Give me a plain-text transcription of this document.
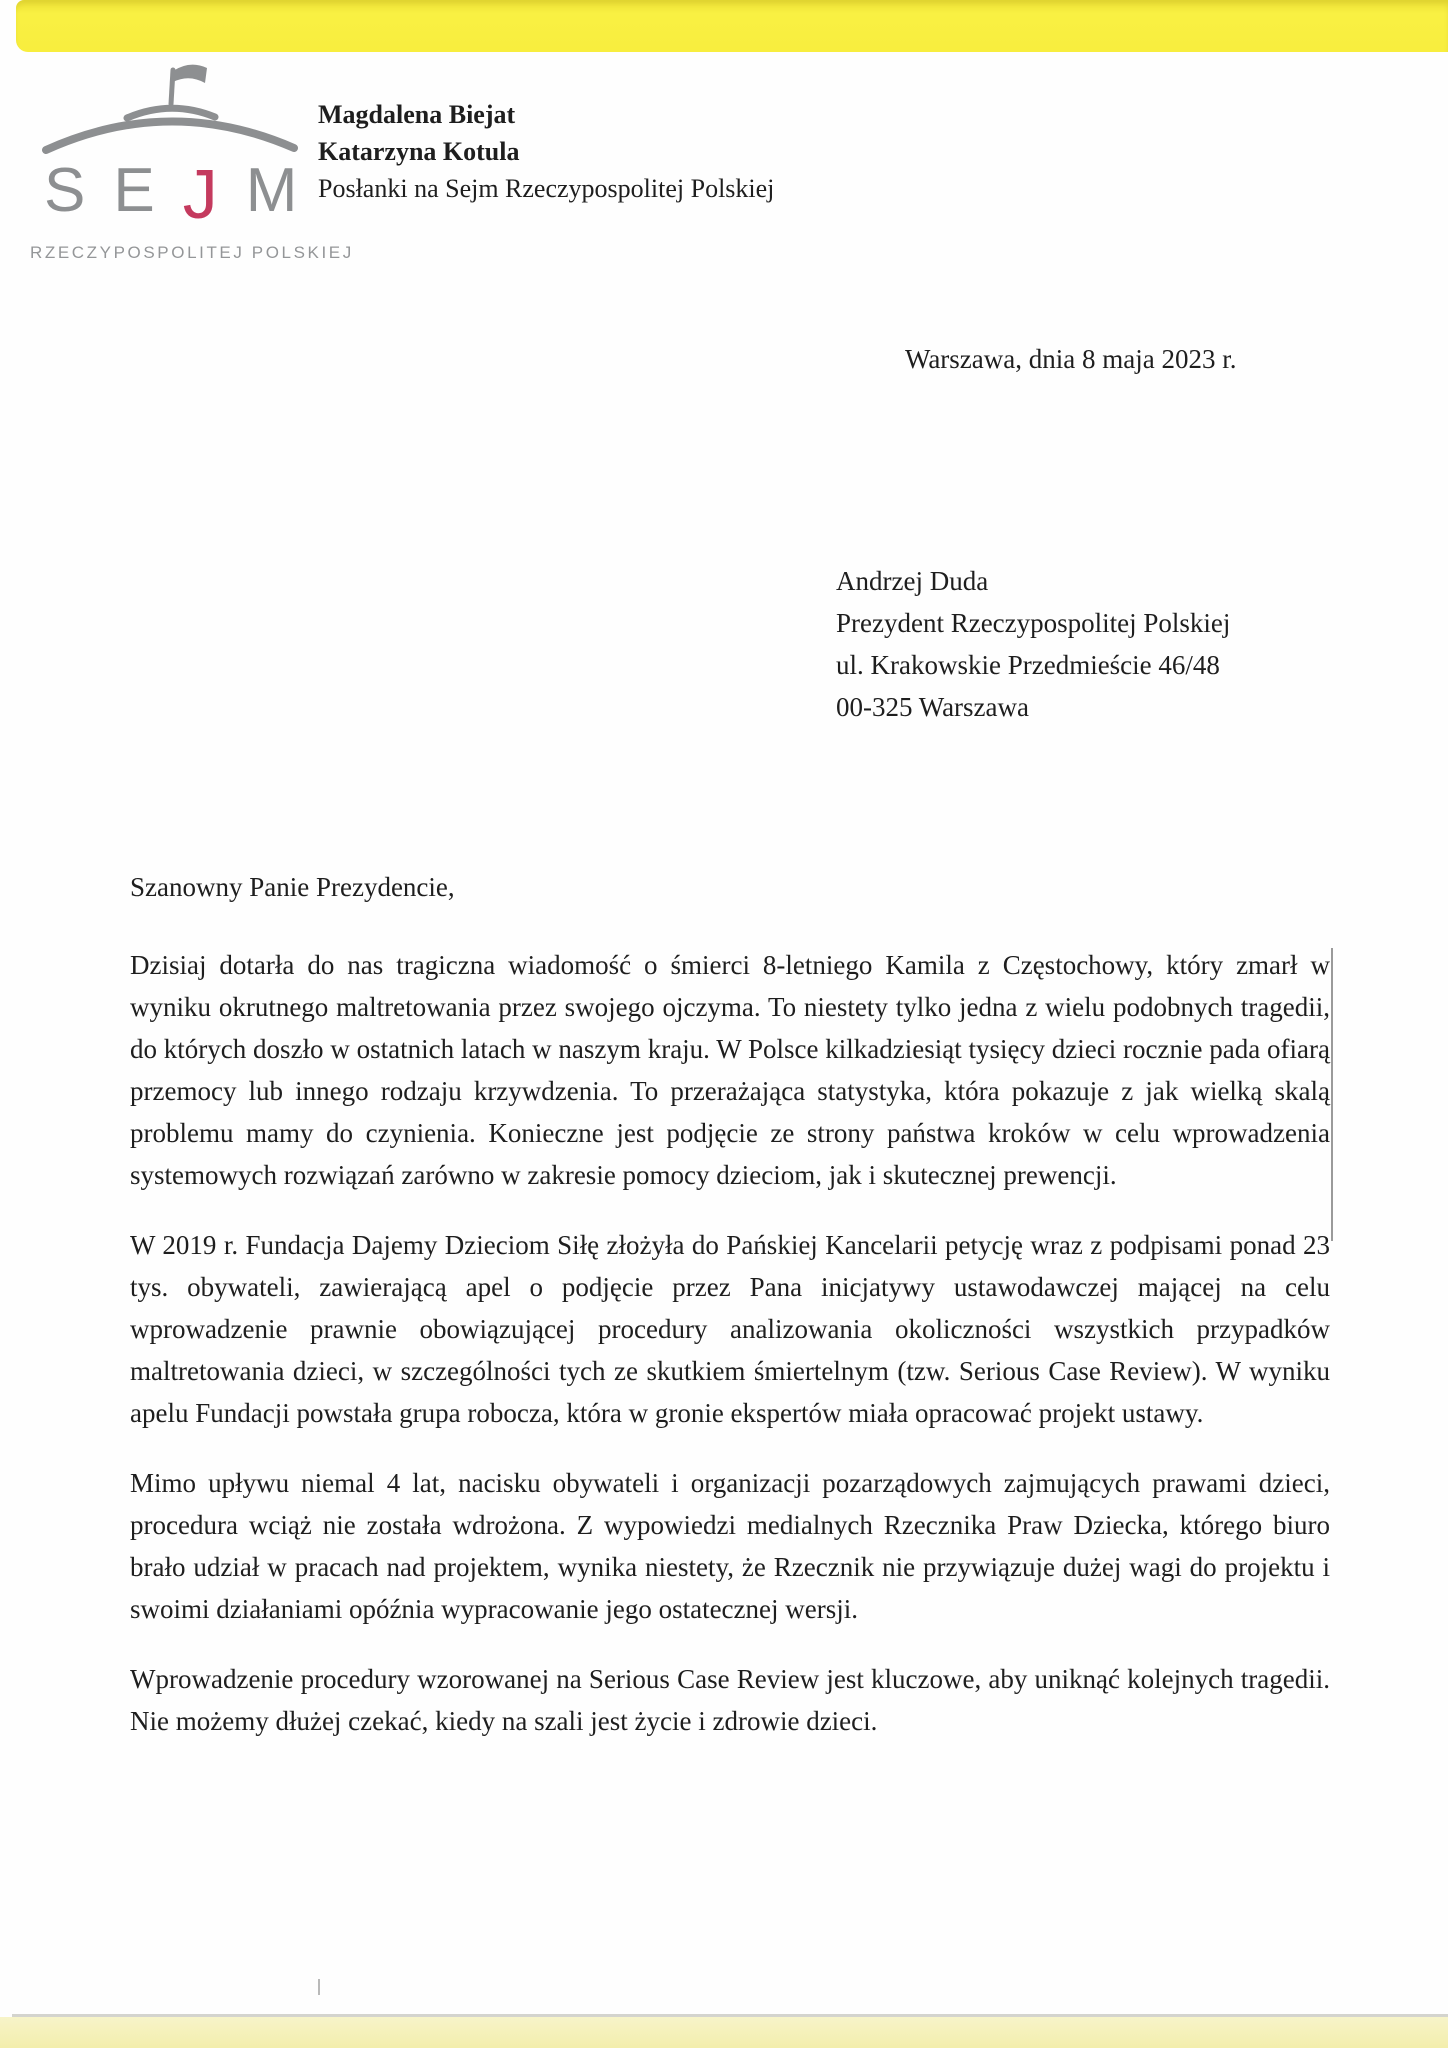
S E J M
RZECZYPOSPOLITEJ POLSKIEJ
Magdalena Biejat
Katarzyna Kotula
Posłanki na Sejm Rzeczypospolitej Polskiej
Warszawa, dnia 8 maja 2023 r.
Andrzej Duda
Prezydent Rzeczypospolitej Polskiej
ul. Krakowskie Przedmieście 46/48
00-325 Warszawa

Szanowny Panie Prezydencie,

Dzisiaj dotarła do nas tragiczna wiadomość o śmierci 8-letniego Kamila z Częstochowy, który zmarł w wyniku okrutnego maltretowania przez swojego ojczyma. To niestety tylko jedna z wielu podobnych tragedii, do których doszło w ostatnich latach w naszym kraju. W Polsce kilkadziesiąt tysięcy dzieci rocznie pada ofiarą przemocy lub innego rodzaju krzywdzenia. To przerażająca statystyka, która pokazuje z jak wielką skalą problemu mamy do czynienia. Konieczne jest podjęcie ze strony państwa kroków w celu wprowadzenia systemowych rozwiązań zarówno w zakresie pomocy dzieciom, jak i skutecznej prewencji.

W 2019 r. Fundacja Dajemy Dzieciom Siłę złożyła do Pańskiej Kancelarii petycję wraz z podpisami ponad 23 tys. obywateli, zawierającą apel o podjęcie przez Pana inicjatywy ustawodawczej mającej na celu wprowadzenie prawnie obowiązującej procedury analizowania okoliczności wszystkich przypadków maltretowania dzieci, w szczególności tych ze skutkiem śmiertelnym (tzw. Serious Case Review). W wyniku apelu Fundacji powstała grupa robocza, która w gronie ekspertów miała opracować projekt ustawy.

Mimo upływu niemal 4 lat, nacisku obywateli i organizacji pozarządowych zajmujących prawami dzieci, procedura wciąż nie została wdrożona. Z wypowiedzi medialnych Rzecznika Praw Dziecka, którego biuro brało udział w pracach nad projektem, wynika niestety, że Rzecznik nie przywiązuje dużej wagi do projektu i swoimi działaniami opóźnia wypracowanie jego ostatecznej wersji.

Wprowadzenie procedury wzorowanej na Serious Case Review jest kluczowe, aby uniknąć kolejnych tragedii. Nie możemy dłużej czekać, kiedy na szali jest życie i zdrowie dzieci.
